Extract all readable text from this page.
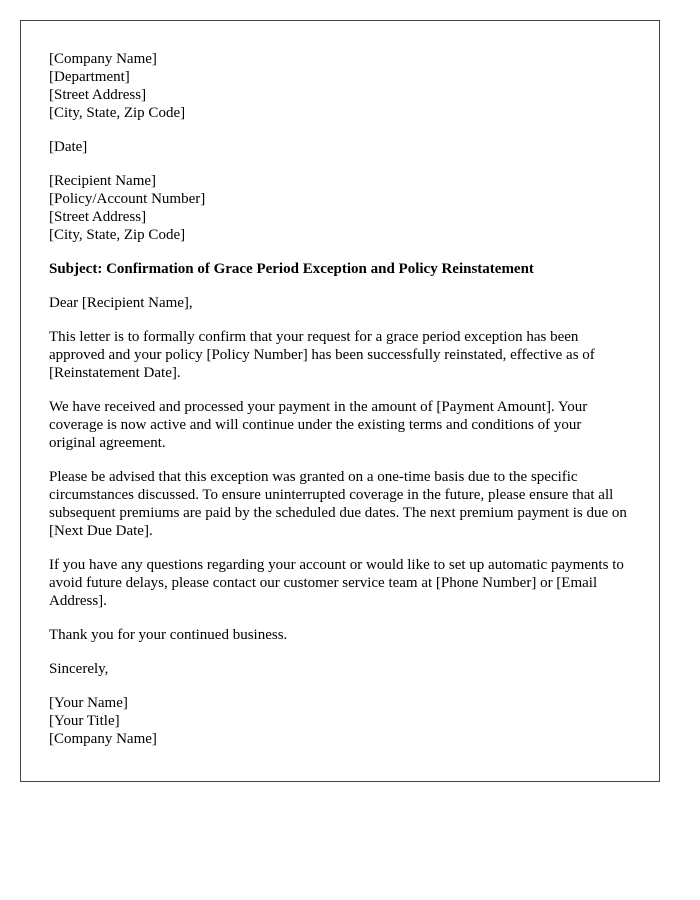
[Company Name]
[Department]
[Street Address]
[City, State, Zip Code]
[Date]
[Recipient Name]
[Policy/Account Number]
[Street Address]
[City, State, Zip Code]
Subject: Confirmation of Grace Period Exception and Policy Reinstatement

Dear [Recipient Name],

This letter is to formally confirm that your request for a grace period exception has been approved and your policy [Policy Number] has been successfully reinstated, effective as of [Reinstatement Date].

We have received and processed your payment in the amount of [Payment Amount]. Your coverage is now active and will continue under the existing terms and conditions of your original agreement.

Please be advised that this exception was granted on a one-time basis due to the specific circumstances discussed. To ensure uninterrupted coverage in the future, please ensure that all subsequent premiums are paid by the scheduled due dates. The next premium payment is due on [Next Due Date].

If you have any questions regarding your account or would like to set up automatic payments to avoid future delays, please contact our customer service team at [Phone Number] or [Email Address].

Thank you for your continued business.

Sincerely,

[Your Name]
[Your Title]
[Company Name]
